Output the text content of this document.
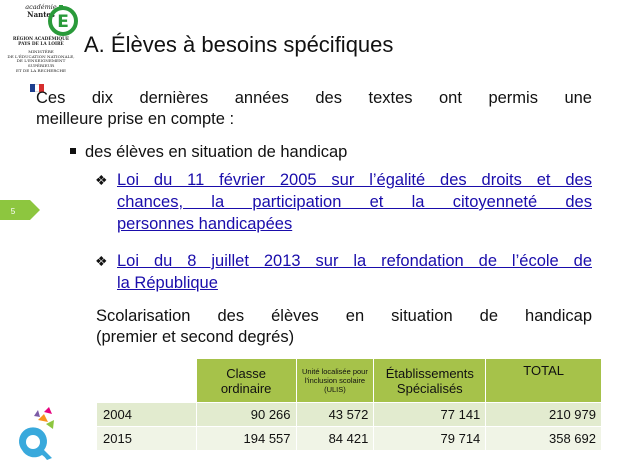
académie
Nantes E
RÉGION ACADÉMIQUE
PAYS DE LA LOIRE
MINISTÈRE
DE L'ÉDUCATION NATIONALE,
DE L'ENSEIGNEMENT SUPÉRIEUR
ET DE LA RECHERCHE
A. Élèves à besoins spécifiques
5
Ces dix dernières années des textes ont permis une
meilleure prise en compte :
des élèves en situation de handicap
❖ Loi du 11 février 2005 sur l’égalité des droits et des
chances, la participation et la citoyenneté des
personnes handicapées
❖ Loi du 8 juillet 2013 sur la refondation de l’école de
la République
Scolarisation des élèves en situation de handicap
(premier et second degrés)
	Classe ordinaire	Unité localisée pour l'inclusion scolaire (ULIS)	Établissements Spécialisés	TOTAL
2004	90 266	43 572	77 141	210 979
2015	194 557	84 421	79 714	358 692
